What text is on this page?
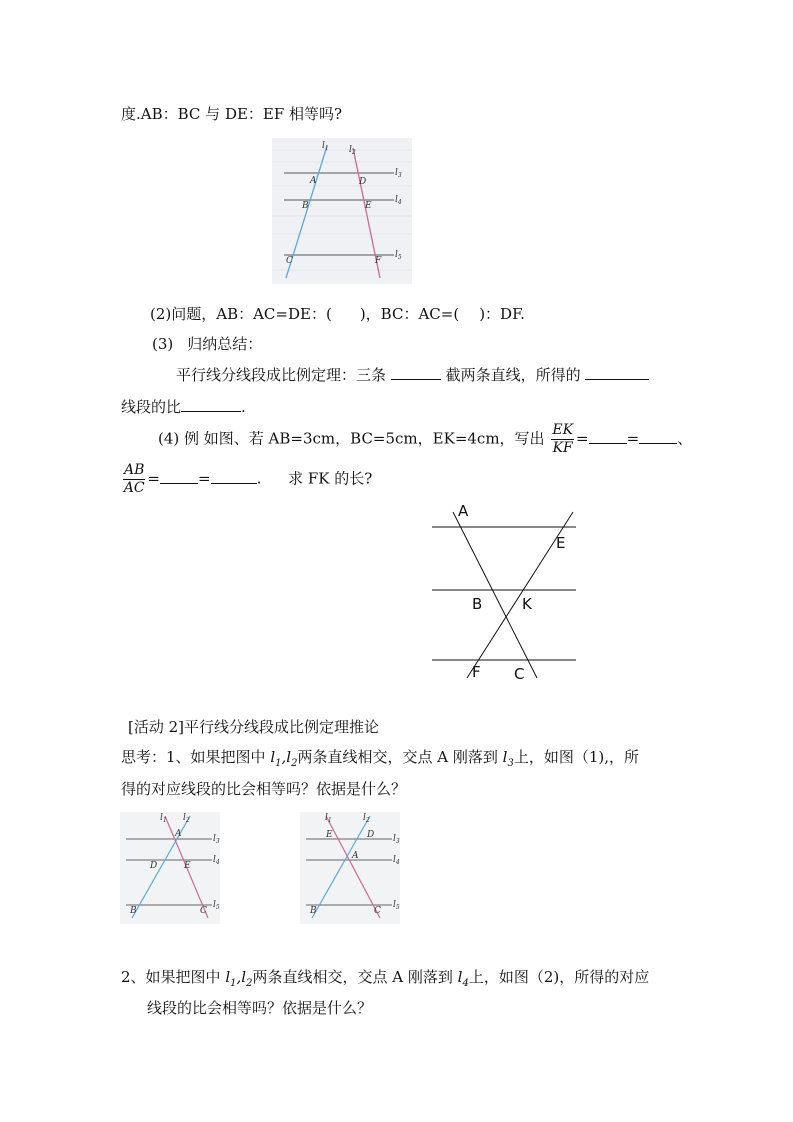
度.AB：BC 与 DE：EF 相等吗?
$l_1$ $l_2$
$l_3$
$l_4$
$l_5$
A	D
B	E
C	F
(2)问题，AB：AC=DE：( )，BC：AC=( )：DF.
(3) 归纳总结：
平行线分线段成比例定理：三条	截两条直线，所得的
线段的比	.
(4) 例 如图、若 AB=3cm，BC=5cm，EK=4cm，写出 $\frac{EK}{KF}$ =	=	、
$\frac{AB}{AC}$ =	=	. 求 FK 的长?
A
E
B	K
F C
[活动 2]平行线分线段成比例定理推论
思考：1、如果把图中 $l_1,l_2$两条直线相交，交点 A 刚落到 $l_3$上，如图（1),，所
得的对应线段的比会相等吗？依据是什么？
$l_1$ $l_2$
$l_3$
$l_4$
$l_5$
A
D	E
B	C
$l_1$	$l_2$
$l_3$
$l_4$
$l_5$
E	D
A
B	C
2、如果把图中 $l_1,l_2$两条直线相交，交点 A 刚落到 $l_4$上，如图（2)，所得的对应
线段的比会相等吗？依据是什么？
